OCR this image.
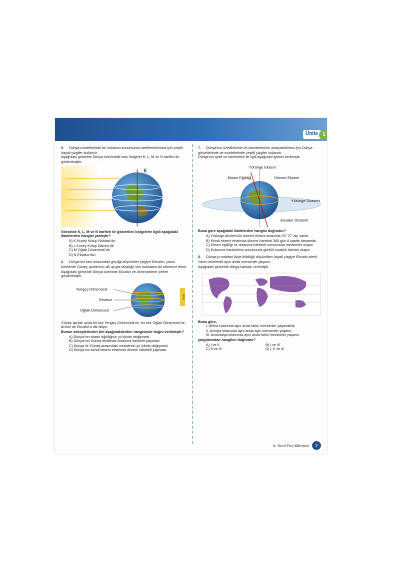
Ünite 1
5. Dünya modellerinde bir noktanın konumunun belirlenebilmesi için çeşitli hayali çizgiler kullanılır.
Aşağıdaki görselde Dünya üzerindeki bazı bölgeler K, L, M ve N harfleri ile gösterilmiştir.
K
Görselde K, L, M ve N harfleri ile gösterilen bölgelerle ilgili aşağıdaki ifadelerden hangisi yanlıştır?
A) K Kuzey Kutup Noktası'dır.
B) L Kuzey Kutup Dairesi'dir.
C) M Oğlak Dönencesi'dir.
D) N Ekvator'dur.
6. Dünya'nın tam ortasından geçtiği düşünülen çizgiye Ekvator; yarım kürelerde Güneş ışınlarının dik açıyla düştüğü son noktalara ise dönence denir.
Aşağıdaki görselde Dünya üzerinde Ekvator ve dönencelerin yerleri gösterilmiştir.
Yengeç Dönencesi
Ekvator
Oğlak Dönencesi
Güneş ışınları yılda bir kez Yengeç Dönencesi'ne, bir kez Oğlak Dönencesi'ne, iki kez de Ekvator'a dik düşer.
Bunun sebeplerinden biri aşağıdakilerden hangisinde doğru verilmiştir?
A) Dünya'nın eksen eğikliğinin yıl içinde değişmesi
B) Dünya'nın Güneş etrafında dolanma hareketi yapması
C) Dünya ile Güneş arasındaki mesafenin yıl içinde değişmesi
D) Dünya'nın kendi ekseni etrafında dönme hareketi yapması
Konu
7. Dünya'nın özelliklerinin ve hareketlerinin anlaşılabilmesi için Dünya görsellerinde ve modellerinde çeşitli çizgiler kullanılır.
Dünya'nın şekil ve hareketleri ile ilgili aşağıdaki görsel verilmiştir.
Yörünge Ekseni
Eksen Eğikliği	Dönme Ekseni
Yörünge Düzlemi
Ekvator Düzlemi
Buna göre aşağıdaki ifadelerden hangisi doğrudur?
A) Yörünge düzlemi ile dönme ekseni arasında 23° 27' açı vardır.
B) Kendi ekseni etrafında dönme hareketi 365 gün 6 saatte tamamlar.
C) Eksen eğikliği ve dolanma hareketi sonucunda mevsimler oluşur.
D) Dolanma hareketinin sonucunda günlük sıcaklık farkları oluşur.
8. Dünya'yı ortadan ikiye böldüğü düşünülen hayali çizgiye Ekvator denir. Yarım kürelerde aynı anda mevsimler yaşanır.
Aşağıdaki görselde dünya haritası verilmiştir.
Buna göre,
I. Afrika kıtasında aynı anda farklı mevsimler yaşanabilir.
II. Avrupa kıtasında aynı anda aynı mevsimler yaşanır.
III. Avustralya kıtasında aynı anda farklı mevsimler yaşanır.
yargılarından hangileri doğrudur?
A) I ve II	B) I ve III
C) II ve III	D) I, II ve III
6. Sınıf Fen Bilimleri 7
